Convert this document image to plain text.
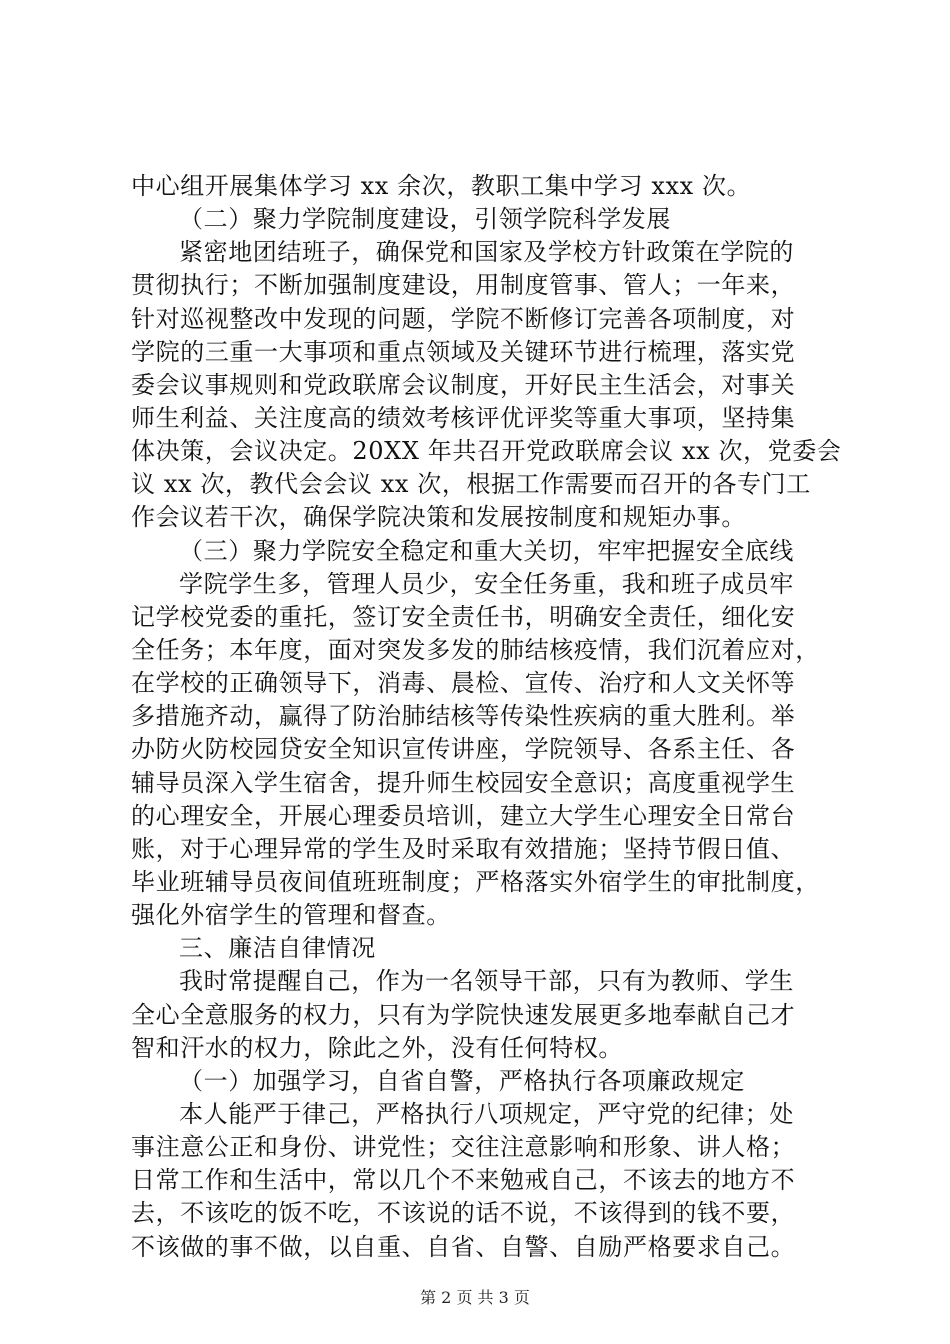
中心组开展集体学习 xx 余次，教职工集中学习 xxx 次。
（二）聚力学院制度建设，引领学院科学发展
紧密地团结班子，确保党和国家及学校方针政策在学院的
贯彻执行；不断加强制度建设，用制度管事、管人；一年来，
针对巡视整改中发现的问题，学院不断修订完善各项制度，对
学院的三重一大事项和重点领域及关键环节进行梳理，落实党
委会议事规则和党政联席会议制度，开好民主生活会，对事关
师生利益、关注度高的绩效考核评优评奖等重大事项，坚持集
体决策，会议决定。20XX 年共召开党政联席会议 xx 次，党委会
议 xx 次，教代会会议 xx 次，根据工作需要而召开的各专门工
作会议若干次，确保学院决策和发展按制度和规矩办事。
（三）聚力学院安全稳定和重大关切，牢牢把握安全底线
学院学生多，管理人员少，安全任务重，我和班子成员牢
记学校党委的重托，签订安全责任书，明确安全责任，细化安
全任务；本年度，面对突发多发的肺结核疫情，我们沉着应对，
在学校的正确领导下，消毒、晨检、宣传、治疗和人文关怀等
多措施齐动，赢得了防治肺结核等传染性疾病的重大胜利。举
办防火防校园贷安全知识宣传讲座，学院领导、各系主任、各
辅导员深入学生宿舍，提升师生校园安全意识；高度重视学生
的心理安全，开展心理委员培训，建立大学生心理安全日常台
账，对于心理异常的学生及时采取有效措施；坚持节假日值、
毕业班辅导员夜间值班班制度；严格落实外宿学生的审批制度，
强化外宿学生的管理和督查。
三、廉洁自律情况
我时常提醒自己，作为一名领导干部，只有为教师、学生
全心全意服务的权力，只有为学院快速发展更多地奉献自己才
智和汗水的权力，除此之外，没有任何特权。
（一）加强学习，自省自警，严格执行各项廉政规定
本人能严于律己，严格执行八项规定，严守党的纪律；处
事注意公正和身份、讲党性；交往注意影响和形象、讲人格；
日常工作和生活中，常以几个不来勉戒自己，不该去的地方不
去，不该吃的饭不吃，不该说的话不说，不该得到的钱不要，
不该做的事不做，以自重、自省、自警、自励严格要求自己。
第 2 页 共 3 页
